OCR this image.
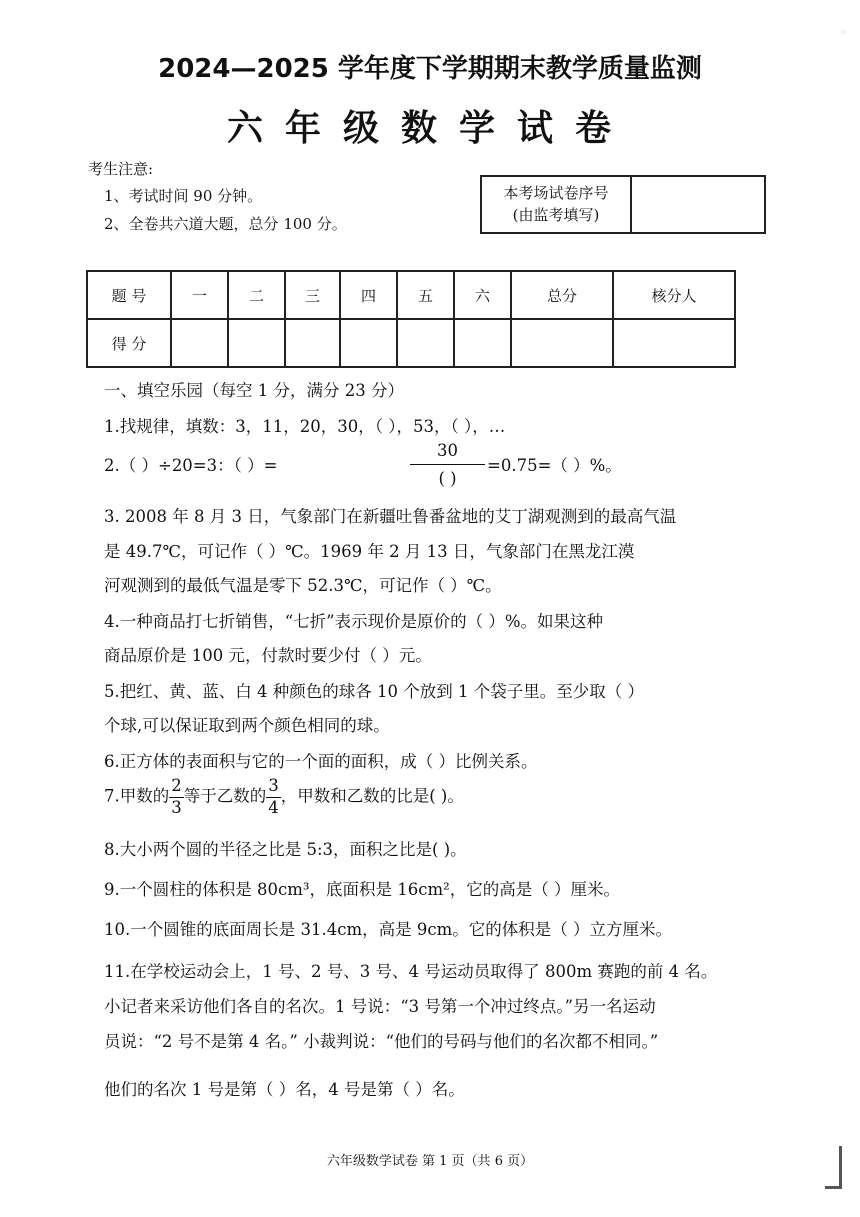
⁘
2024—2025 学年度下学期期末教学质量监测
六年级数学试卷
考生注意:
1、考试时间 90 分钟。
2、全卷共六道大题，总分 100 分。
本考场试卷序号
(由监考填写)
题 号	一	二	三	四	五	六	总分	核分人
得 分								
一、填空乐园（每空 1 分，满分 23 分）
1.找规律，填数：3，11，20，30，（ ），53，（ ），…
2.（ ）÷20=3：（ ）=
30
( )
=0.75=（ ）%。
3. 2008 年 8 月 3 日，气象部门在新疆吐鲁番盆地的艾丁湖观测到的最高气温
是 49.7℃，可记作（ ）℃。1969 年 2 月 13 日，气象部门在黑龙江漠
河观测到的最低气温是零下 52.3℃，可记作（ ）℃。
4.一种商品打七折销售，“七折”表示现价是原价的（ ）%。如果这种
商品原价是 100 元，付款时要少付（ ）元。
5.把红、黄、蓝、白 4 种颜色的球各 10 个放到 1 个袋子里。至少取（ ）
个球,可以保证取到两个颜色相同的球。
6.正方体的表面积与它的一个面的面积，成（ ）比例关系。
7.甲数的 $\frac{2}{3}$ 等于乙数的 $\frac{3}{4}$ ，甲数和乙数的比是( )。
8.大小两个圆的半径之比是 5:3，面积之比是( )。
9.一个圆柱的体积是 80cm³，底面积是 16cm²，它的高是（ ）厘米。
10.一个圆锥的底面周长是 31.4cm，高是 9cm。它的体积是（ ）立方厘米。
11.在学校运动会上，1 号、2 号、3 号、4 号运动员取得了 800m 赛跑的前 4 名。
小记者来采访他们各自的名次。1 号说：“3 号第一个冲过终点。”另一名运动
员说：“2 号不是第 4 名。” 小裁判说：“他们的号码与他们的名次都不相同。”
他们的名次 1 号是第（ ）名，4 号是第（ ）名。
六年级数学试卷 第 1 页（共 6 页）
